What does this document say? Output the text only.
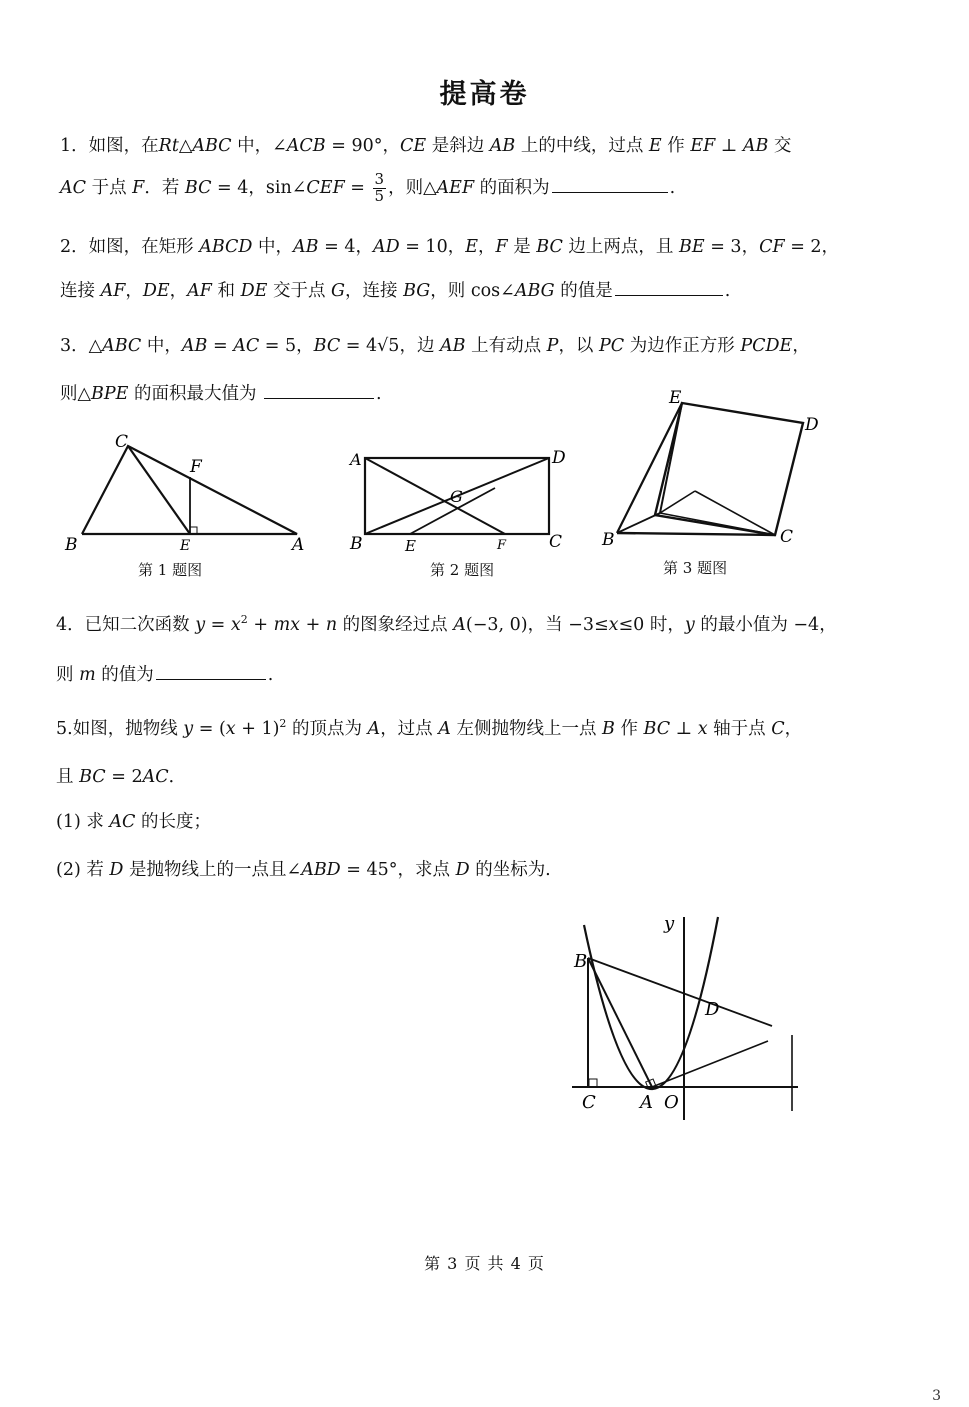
提高卷
1．如图，在Rt△ABC 中，∠ACB = 90°，CE 是斜边 AB 上的中线，过点 E 作 EF ⊥ AB 交
AC 于点 F．若 BC = 4，sin∠CEF = $\frac{3}{5}$ ，则△AEF 的面积为	.
2．如图，在矩形 ABCD 中，AB = 4，AD = 10，E，F 是 BC 边上两点，且 BE = 3，CF = 2，
连接 AF，DE，AF 和 DE 交于点 G，连接 BG，则 cos∠ABG 的值是	.
3．△ABC 中，AB = AC = 5，BC = 4√5，边 AB 上有动点 P，以 PC 为边作正方形 PCDE，
则△BPE 的面积最大值为	.
C
F
B	E	A
第 1 题图
A	D
G
B	E	F	C
第 2 题图
E
D
B	C
第 3 题图
4．已知二次函数 $y = x^2$ + mx + n 的图象经过点 A(−3, 0)，当 −3≤x≤0 时，y 的最小值为 −4，
则 m 的值为	.
5.如图，抛物线 $y = (x + 1)^2$ 的顶点为 A，过点 A 左侧抛物线上一点 B 作 BC ⊥ x 轴于点 C，
且 BC = 2AC．
(1) 求 AC 的长度；
(2) 若 D 是抛物线上的一点且∠ABD = 45°，求点 D 的坐标为.
y
B
D
C A O
第 3 页 共 4 页
3
